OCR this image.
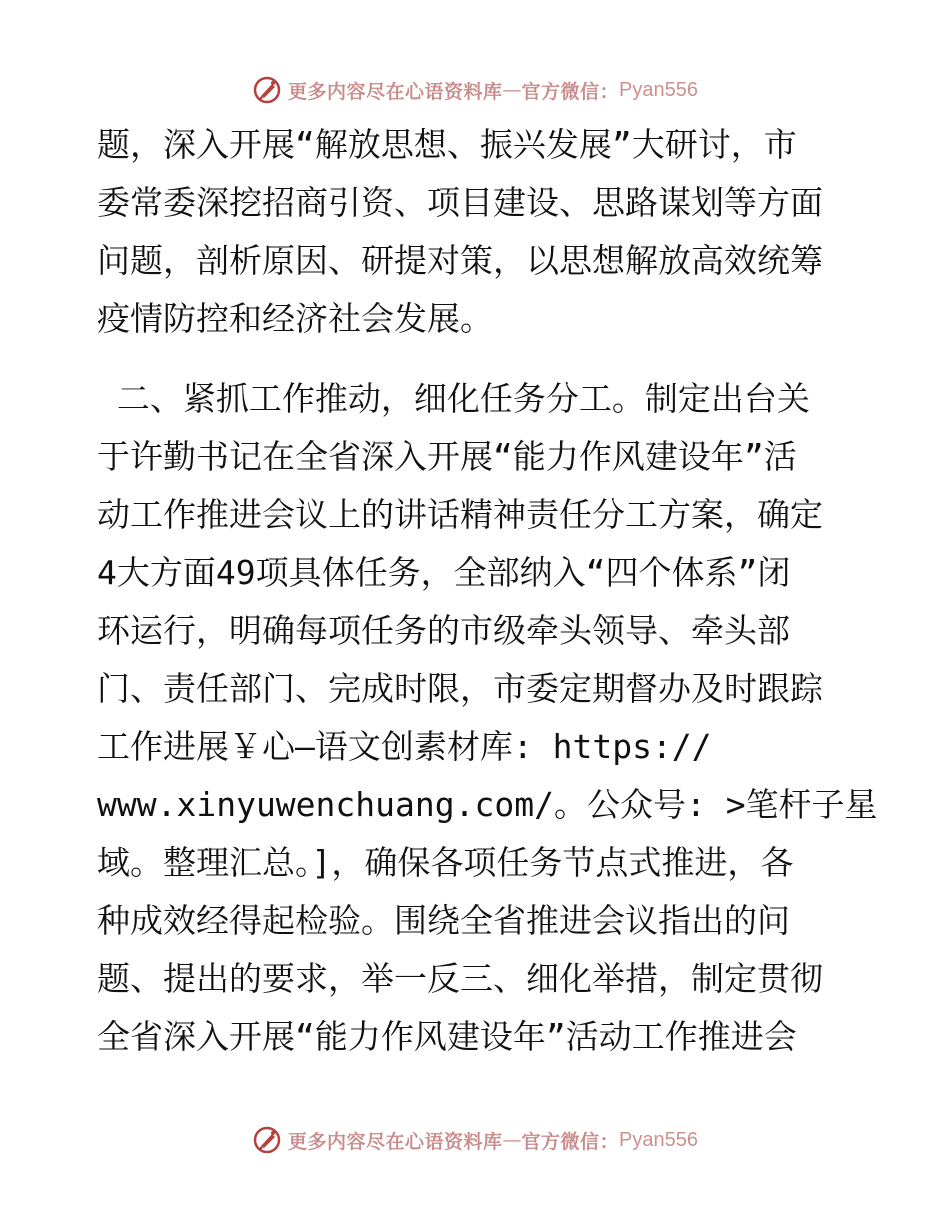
更多内容尽在心语资料库 — 官方微信： Pyan556
题，深入开展“解放思想、振兴发展”大研讨，市
委常委深挖招商引资、项目建设、思路谋划等方面
问题，剖析原因、研提对策，以思想解放高效统筹
疫情防控和经济社会发展。
二、紧抓工作推动，细化任务分工。制定出台关
于许勤书记在全省深入开展“能力作风建设年”活
动工作推进会议上的讲话精神责任分工方案，确定
4大方面49项具体任务，全部纳入“四个体系”闭
环运行，明确每项任务的市级牵头领导、牵头部
门、责任部门、完成时限，市委定期督办及时跟踪
工作进展￥心—语文创素材库: https://
www.xinyuwenchuang.com/。公众号: >笔杆子星
域。整理汇总。]，确保各项任务节点式推进，各
种成效经得起检验。围绕全省推进会议指出的问
题、提出的要求，举一反三、细化举措，制定贯彻
全省深入开展“能力作风建设年”活动工作推进会
更多内容尽在心语资料库 — 官方微信： Pyan556
